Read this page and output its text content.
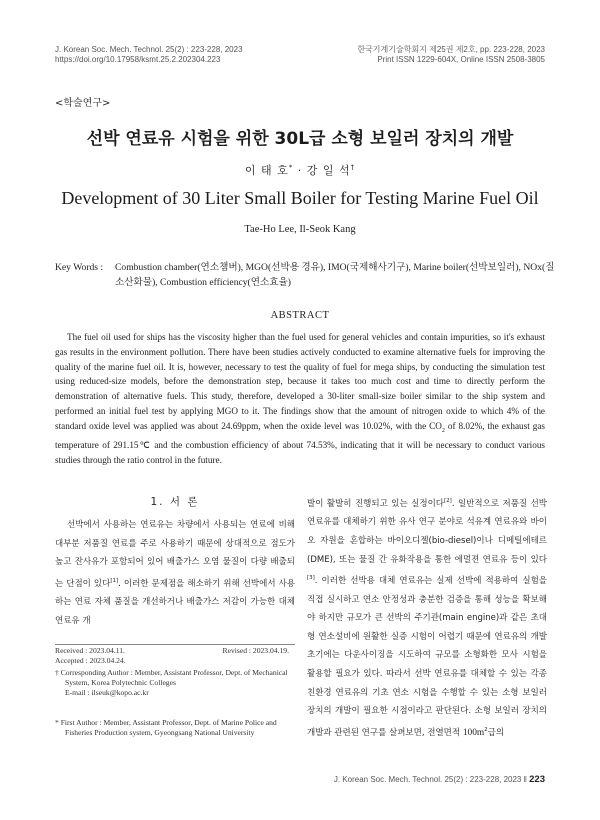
J. Korean Soc. Mech. Technol. 25(2) : 223-228, 2023
https://doi.org/10.17958/ksmt.25.2.202304.223
한국기계기술학회지 제25권 제2호, pp. 223-228, 2023
Print ISSN 1229-604X, Online ISSN 2508-3805
<학술연구>
선박 연료유 시험을 위한 30L급 소형 보일러 장치의 개발
이 태 호* · 강 일 석†
Development of 30 Liter Small Boiler for Testing Marine Fuel Oil
Tae-Ho Lee, Il-Seok Kang
Key Words : Combustion chamber(연소챔버), MGO(선박용 경유), IMO(국제해사기구), Marine boiler(선박보일러), NOx(질소산화물), Combustion efficiency(연소효율)
ABSTRACT
The fuel oil used for ships has the viscosity higher than the fuel used for general vehicles and contain impurities, so it's exhaust gas results in the environment pollution. There have been studies actively conducted to examine alternative fuels for improving the quality of the marine fuel oil. It is, however, necessary to test the quality of fuel for mega ships, by conducting the simulation test using reduced-size models, before the demonstration step, because it takes too much cost and time to directly perform the demonstration of alternative fuels. This study, therefore, developed a 30-liter small-size boiler similar to the ship system and performed an initial fuel test by applying MGO to it. The findings show that the amount of nitrogen oxide to which 4% of the standard oxide level was applied was about 24.69ppm, when the oxide level was 10.02%, with the $CO_2$ of 8.02%, the exhaust gas temperature of 291.15℃ and the combustion efficiency of about 74.53%, indicating that it will be necessary to conduct various studies through the ratio control in the future.
1. 서 론
선박에서 사용하는 연료유는 차량에서 사용되는 연료에 비해 대부분 저품질 연료를 주로 사용하기 때문에 상대적으로 점도가 높고 잔사유가 포함되어 있어 배출가스 오염 물질이 다량 배출되는 단점이 있다[1]. 이러한 문제점을 해소하기 위해 선박에서 사용하는 연료 자체 품질을 개선하거나 배출가스 저감이 가능한 대체 연료유 개
발이 활발히 진행되고 있는 실정이다[2]. 일반적으로 저품질 선박 연료유를 대체하기 위한 유사 연구 분야로 석유계 연료유와 바이오 자원을 혼합하는 바이오디젤(bio-diesel)이나 디메틸에테르(DME), 또는 물질 간 유화작용을 통한 에멀젼 연료유 등이 있다[3]. 이러한 선박용 대체 연료유는 실제 선박에 적용하여 실험을 직접 실시하고 연소 안정성과 충분한 검증을 통해 성능을 확보해야 하지만 규모가 큰 선박의 주기관(main engine)과 같은 초대형 연소설비에 원활한 실증 시험이 어렵기 때문에 연료유의 개발 초기에는 다운사이징을 시도하여 규모를 소형화한 모사 시험을 활용할 필요가 있다. 따라서 선박 연료유를 대체할 수 있는 각종 친환경 연료유의 기초 연소 시험을 수행할 수 있는 소형 보일러 장치의 개발이 필요한 시점이라고 판단된다. 소형 보일러 장치의 개발과 관련된 연구를 살펴보면, 전열면적 $100m^2$급의
Received : 2023.04.11.	Revised : 2023.04.19.
Accepted : 2023.04.24.
† Corresponding Author : Member, Assistant Professor, Dept. of Mechanical System, Korea Polytechnic Colleges
E-mail : ilseuk@kopo.ac.kr
* First Author : Member, Assistant Professor, Dept. of Marine Police and Fisheries Production system, Gyeongsang National University
J. Korean Soc. Mech. Technol. 25(2) : 223-228, 2023 ‖ 223
